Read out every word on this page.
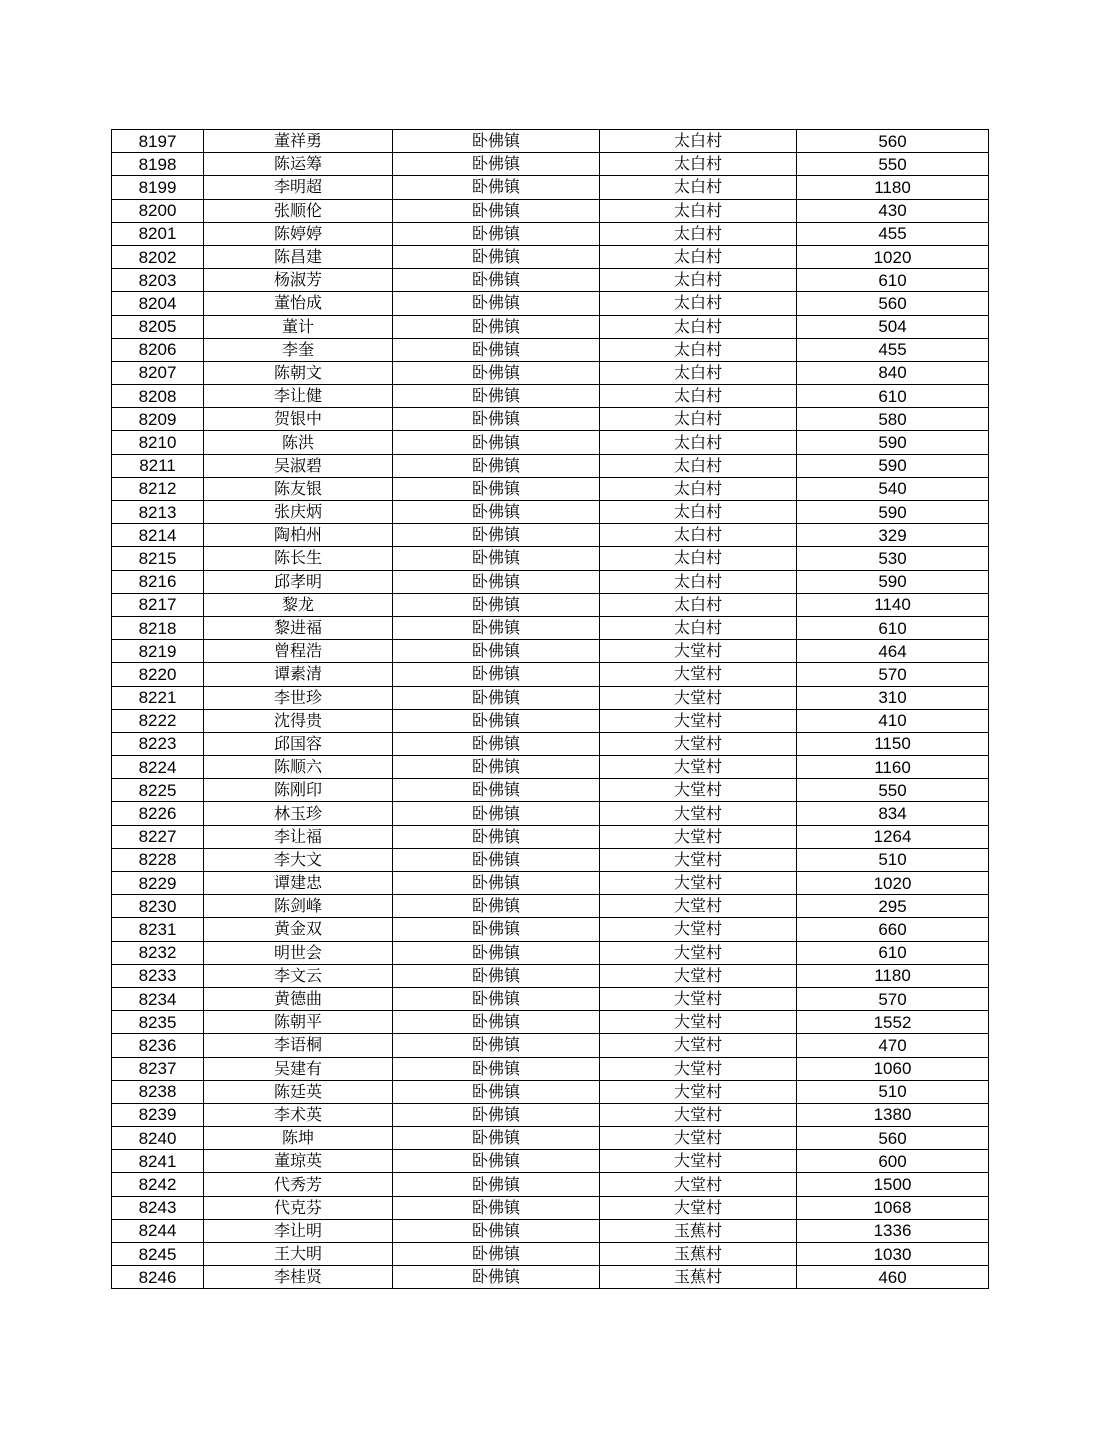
8197	董祥勇	卧佛镇	太白村	560
8198	陈运筹	卧佛镇	太白村	550
8199	李明超	卧佛镇	太白村	1180
8200	张顺伦	卧佛镇	太白村	430
8201	陈婷婷	卧佛镇	太白村	455
8202	陈昌建	卧佛镇	太白村	1020
8203	杨淑芳	卧佛镇	太白村	610
8204	董怡成	卧佛镇	太白村	560
8205	董计	卧佛镇	太白村	504
8206	李奎	卧佛镇	太白村	455
8207	陈朝文	卧佛镇	太白村	840
8208	李让健	卧佛镇	太白村	610
8209	贺银中	卧佛镇	太白村	580
8210	陈洪	卧佛镇	太白村	590
8211	吴淑碧	卧佛镇	太白村	590
8212	陈友银	卧佛镇	太白村	540
8213	张庆炳	卧佛镇	太白村	590
8214	陶柏州	卧佛镇	太白村	329
8215	陈长生	卧佛镇	太白村	530
8216	邱孝明	卧佛镇	太白村	590
8217	黎龙	卧佛镇	太白村	1140
8218	黎进福	卧佛镇	太白村	610
8219	曾程浩	卧佛镇	大堂村	464
8220	谭素清	卧佛镇	大堂村	570
8221	李世珍	卧佛镇	大堂村	310
8222	沈得贵	卧佛镇	大堂村	410
8223	邱国容	卧佛镇	大堂村	1150
8224	陈顺六	卧佛镇	大堂村	1160
8225	陈刚印	卧佛镇	大堂村	550
8226	林玉珍	卧佛镇	大堂村	834
8227	李让福	卧佛镇	大堂村	1264
8228	李大文	卧佛镇	大堂村	510
8229	谭建忠	卧佛镇	大堂村	1020
8230	陈剑峰	卧佛镇	大堂村	295
8231	黄金双	卧佛镇	大堂村	660
8232	明世会	卧佛镇	大堂村	610
8233	李文云	卧佛镇	大堂村	1180
8234	黄德曲	卧佛镇	大堂村	570
8235	陈朝平	卧佛镇	大堂村	1552
8236	李语桐	卧佛镇	大堂村	470
8237	吴建有	卧佛镇	大堂村	1060
8238	陈廷英	卧佛镇	大堂村	510
8239	李术英	卧佛镇	大堂村	1380
8240	陈坤	卧佛镇	大堂村	560
8241	董琼英	卧佛镇	大堂村	600
8242	代秀芳	卧佛镇	大堂村	1500
8243	代克芬	卧佛镇	大堂村	1068
8244	李让明	卧佛镇	玉蕉村	1336
8245	王大明	卧佛镇	玉蕉村	1030
8246	李桂贤	卧佛镇	玉蕉村	460
